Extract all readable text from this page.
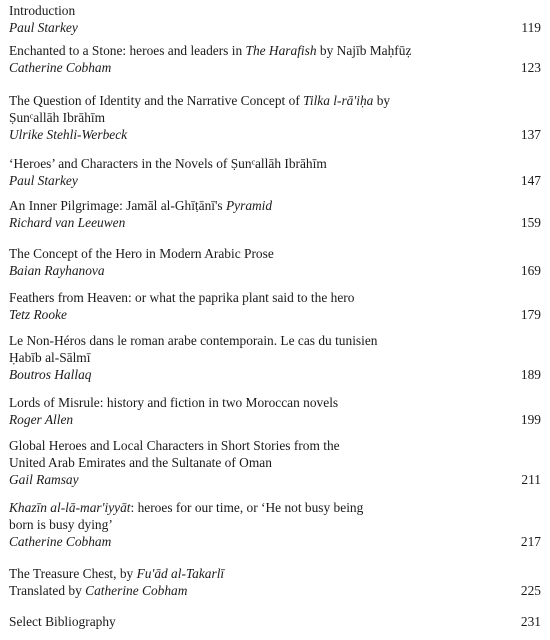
Introduction
Paul Starkey	119
Enchanted to a Stone: heroes and leaders in The Harafish by Najīb Maḥfūẓ
Catherine Cobham	123
The Question of Identity and the Narrative Concept of Tilka l-rā'iḥa by
Ṣunᶜallāh Ibrāhīm
Ulrike Stehli-Werbeck	137
‘Heroes’ and Characters in the Novels of Ṣunᶜallāh Ibrāhīm
Paul Starkey	147
An Inner Pilgrimage: Jamāl al-Ghīṭānī's Pyramid
Richard van Leeuwen	159
The Concept of the Hero in Modern Arabic Prose
Baian Rayhanova	169
Feathers from Heaven: or what the paprika plant said to the hero
Tetz Rooke	179
Le Non-Héros dans le roman arabe contemporain. Le cas du tunisien
Ḥabīb al-Sālmī
Boutros Hallaq	189
Lords of Misrule: history and fiction in two Moroccan novels
Roger Allen	199
Global Heroes and Local Characters in Short Stories from the
United Arab Emirates and the Sultanate of Oman
Gail Ramsay	211
Khazīn al-lā-mar'iyyāt: heroes for our time, or ‘He not busy being
born is busy dying’
Catherine Cobham	217
The Treasure Chest, by Fu'ād al-Takarlī
Translated by Catherine Cobham	225
Select Bibliography	231
